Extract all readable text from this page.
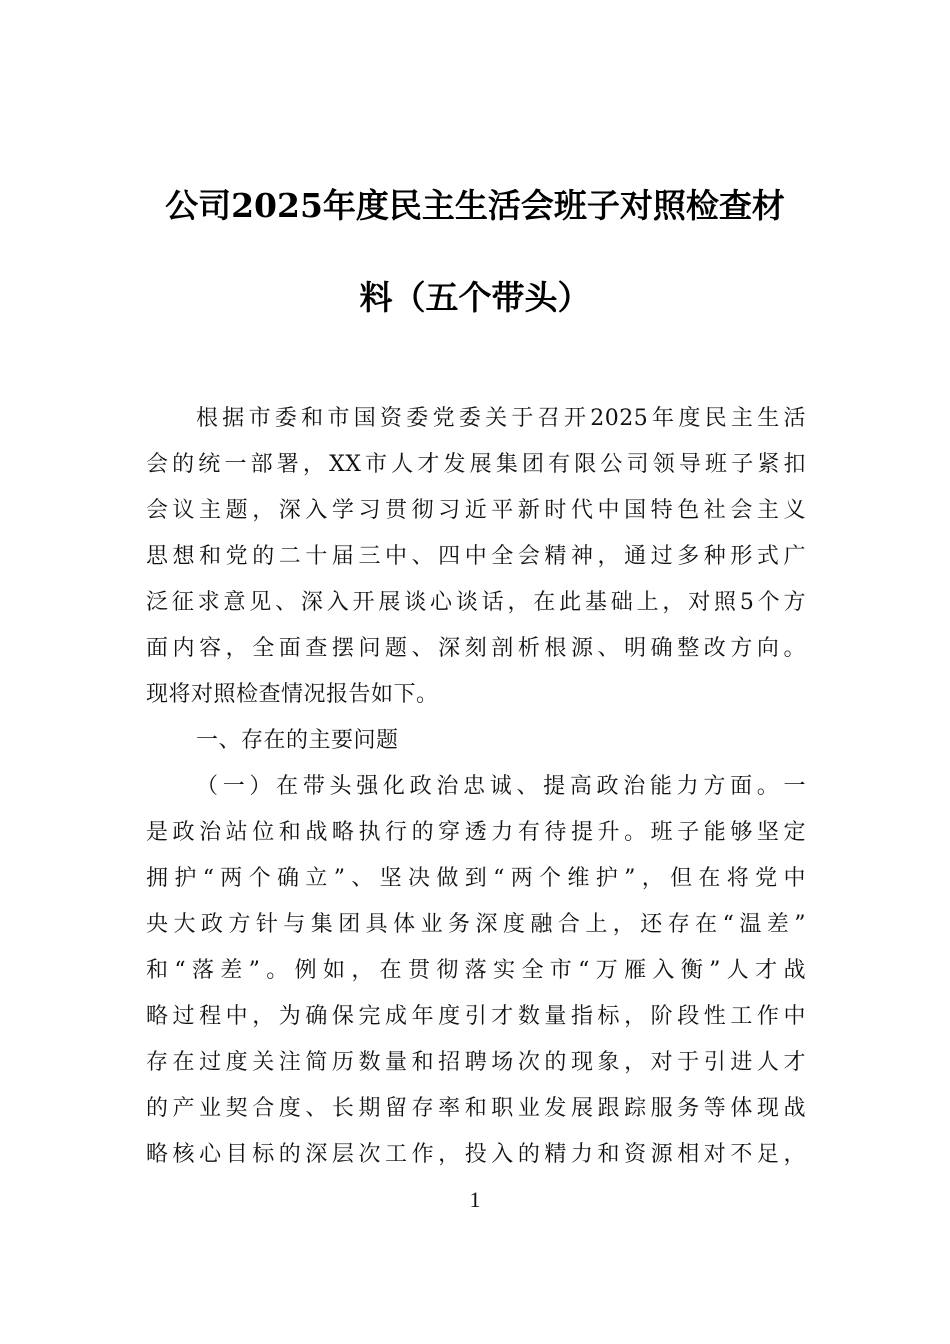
公司2025年度民主生活会班子对照检查材
料（五个带头）
根据市委和市国资委党委关于召开2025年度民主生活
会的统一部署，XX市人才发展集团有限公司领导班子紧扣
会议主题，深入学习贯彻习近平新时代中国特色社会主义
思想和党的二十届三中、四中全会精神，通过多种形式广
泛征求意见、深入开展谈心谈话，在此基础上，对照5个方
面内容，全面查摆问题、深刻剖析根源、明确整改方向。
现将对照检查情况报告如下。
一、存在的主要问题
（一）在带头强化政治忠诚、提高政治能力方面。一
是政治站位和战略执行的穿透力有待提升。班子能够坚定
拥护“两个确立”、坚决做到“两个维护”，但在将党中
央大政方针与集团具体业务深度融合上，还存在“温差”
和“落差”。例如，在贯彻落实全市“万雁入衡”人才战
略过程中，为确保完成年度引才数量指标，阶段性工作中
存在过度关注简历数量和招聘场次的现象，对于引进人才
的产业契合度、长期留存率和职业发展跟踪服务等体现战
略核心目标的深层次工作，投入的精力和资源相对不足，
1
